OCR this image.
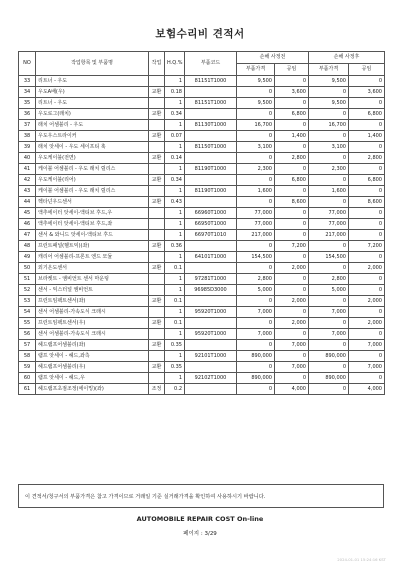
보험수리비 견적서
NO	작업항목 및 부품명	작업	H.Q.%	부품코드	손해 사정전		손해 사정후	
					부품가격	공임	부품가격	공임
33	리트너 - 우도		1	81151T1000	9,500	0	9,500	0
34	우도A배(우)	교환	0.18		0	3,600	0	3,600
35	리트너 - 우도		1	81151T1000	9,500	0	9,500	0
36	우도로그(래치)	교환	0.34		0	6,800	0	6,800
37	래치 어셈블리 - 우도		1	81130T1000	16,700	0	16,700	0
38	우도우스트라이커	교환	0.07		0	1,400	0	1,400
39	래치 앗세이 - 우도 세이프티 훅		1	81150T1000	3,100	0	3,100	0
40	우도케이블(전면)	교환	0.14		0	2,800	0	2,800
41	케이블 어셈블리 - 우도 래치 릴리스		1	81190T1000	2,300	0	2,300	0
42	우도케이블(리어)	교환	0.34		0	6,800	0	6,800
43	케이블 어셈블리 - 우도 래치 릴리스		1	81190T1000	1,600	0	1,600	0
44	헥타넌우드센서	교환	0.43		0	8,600	0	8,600
45	액추에이터 앗세이-액티브 후드,우		1	66960T1000	77,000	0	77,000	0
46	액추에이터 앗세이-액티브 후드,좌		1	66950T1000	77,000	0	77,000	0
47	센서 & 와니드 앗세이-액티브 후드		1	66970T1010	217,000	0	217,000	0
48	프런트패널(헬트익)(좌)	교환	0.36		0	7,200	0	7,200
49	캐리어 어셈블리-프론트 엔드 모듈		1	64101T1000	154,500	0	154,500	0
50	외기온도센서	교환	0.1		0	2,000	0	2,000
51	브라켓트 - 앰비언트 센서 마운팅		1	97281T1000	2,800	0	2,800	0
52	센서 - 익스터널 앰비언트		1	96985D3000	5,000	0	5,000	0
53	프런트임팩트센서(좌)	교환	0.1		0	2,000	0	2,000
54	센서 어셈블리-가속도식 크래시		1	95920T1000	7,000	0	7,000	0
55	프런트임팩트센서(우)	교환	0.1		0	2,000	0	2,000
56	센서 어셈블리-가속도식 크래시		1	95920T1000	7,000	0	7,000	0
57	헤드램프어셈블리(좌)	교환	0.35		0	7,000	0	7,000
58	램프 앗세이 - 헤드,좌측		1	92101T1000	890,000	0	890,000	0
59	헤드램프어셈블리(우)	교환	0.35		0	7,000	0	7,000
60	램프 앗세이 - 헤드,우		1	92102T1000	890,000	0	890,000	0
61	헤드램프초점조정(에이밍)(좌)	조정	0.2		0	4,000	0	4,000
이 견적서/청구서의 부품가격은 참고 가격이므로 거래일 기준 실거래가격을 확인하여 사용하시기 바랍니다.
AUTOMOBILE REPAIR COST On-line
페이지 : 3/29
2024-01-01 15:24:16 KST
